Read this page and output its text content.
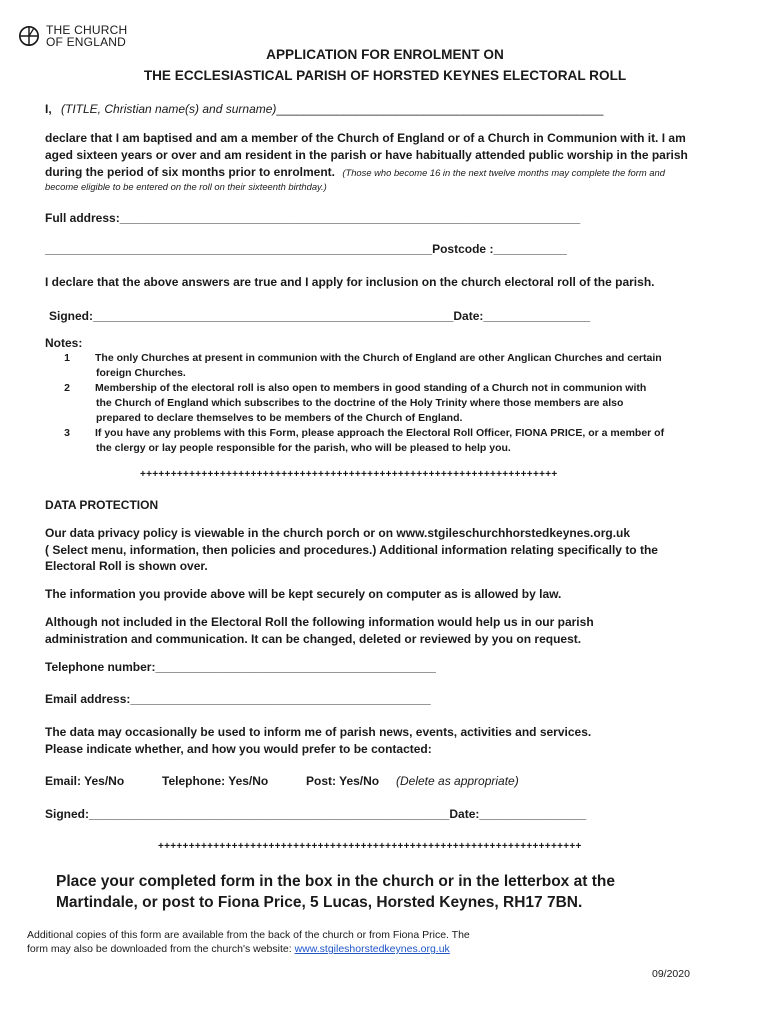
THE CHURCH
OF ENGLAND
APPLICATION FOR ENROLMENT ON
THE ECCLESIASTICAL PARISH OF HORSTED KEYNES ELECTORAL ROLL
I, (TITLE, Christian name(s) and surname)_________________________________________________
declare that I am baptised and am a member of the Church of England or of a Church in Communion with it. I am
aged sixteen years or over and am resident in the parish or have habitually attended public worship in the parish
during the period of six months prior to enrolment. (Those who become 16 in the next twelve months may complete the form and
become eligible to be entered on the roll on their sixteenth birthday.)
Full address:_____________________________________________________________________
__________________________________________________________Postcode :___________
I declare that the above answers are true and I apply for inclusion on the church electoral roll of the parish.
Signed:______________________________________________________Date:________________
Notes:
1 The only Churches at present in communion with the Church of England are other Anglican Churches and certain
foreign Churches.
2 Membership of the electoral roll is also open to members in good standing of a Church not in communion with
the Church of England which subscribes to the doctrine of the Holy Trinity where those members are also
prepared to declare themselves to be members of the Church of England.
3 If you have any problems with this Form, please approach the Electoral Roll Officer, FIONA PRICE, or a member of
the clergy or lay people responsible for the parish, who will be pleased to help you.
++++++++++++++++++++++++++++++++++++++++++++++++++++++++++++++++++++
DATA PROTECTION
Our data privacy policy is viewable in the church porch or on www.stgileschurchhorstedkeynes.org.uk
( Select menu, information, then policies and procedures.) Additional information relating specifically to the
Electoral Roll is shown over.
The information you provide above will be kept securely on computer as is allowed by law.
Although not included in the Electoral Roll the following information would help us in our parish
administration and communication. It can be changed, deleted or reviewed by you on request.
Telephone number:__________________________________________
Email address:_____________________________________________
The data may occasionally be used to inform me of parish news, events, activities and services.
Please indicate whether, and how you would prefer to be contacted:
Email: Yes/No	Telephone: Yes/No	Post: Yes/No (Delete as appropriate)
Signed:______________________________________________________Date:________________
+++++++++++++++++++++++++++++++++++++++++++++++++++++++++++++++++++++
Place your completed form in the box in the church or in the letterbox at the
Martindale, or post to Fiona Price, 5 Lucas, Horsted Keynes, RH17 7BN.
Additional copies of this form are available from the back of the church or from Fiona Price. The
form may also be downloaded from the church's website: www.stgileshorstedkeynes.org.uk
09/2020
